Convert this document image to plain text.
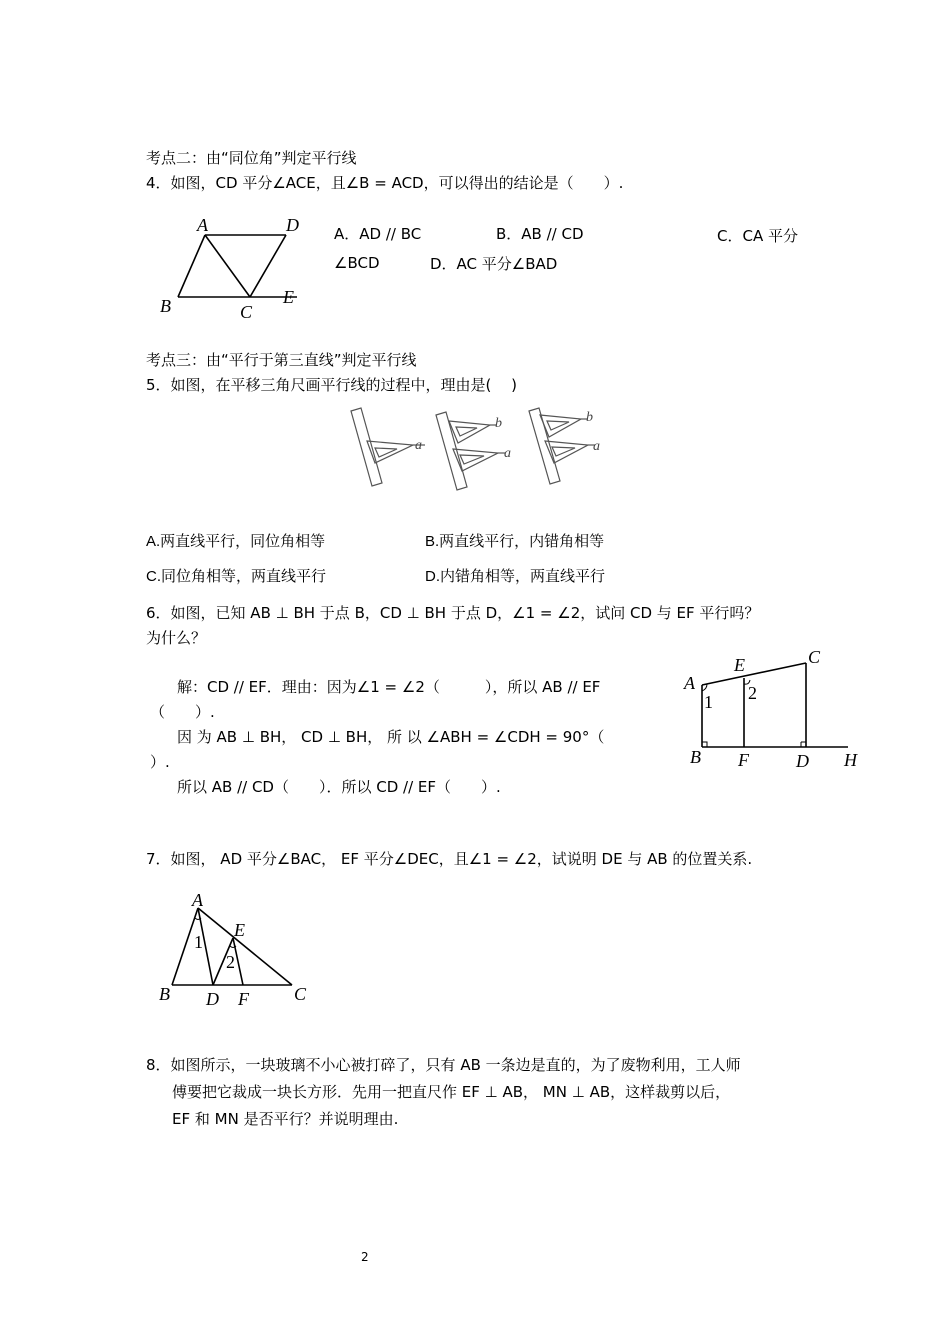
考点二：由“同位角”判定平行线
4．如图，CD 平分∠ACE，且∠B = ACD，可以得出的结论是（　　）.
A	D
B	C
E
A．AD // BC	B．AB // CD	C．CA 平分
∠BCD	D．AC 平分∠BAD
考点三：由“平行于第三直线”判定平行线
5．如图，在平移三角尺画平行线的过程中，理由是(　 )
a
b
a
b
a
A.两直线平行，同位角相等	B.两直线平行，内错角相等
C.同位角相等，两直线平行	D.内错角相等，两直线平行
6．如图，已知 AB ⊥ BH 于点 B，CD ⊥ BH 于点 D，∠1 = ∠2，试问 CD 与 EF 平行吗？
为什么？
解：CD // EF．理由：因为∠1 = ∠2（　　　），所以 AB // EF
（　　）.
因 为 AB ⊥ BH， CD ⊥ BH， 所 以 ∠ABH = ∠CDH = 90°（
）.
所以 AB // CD（　　）．所以 CD // EF（　　）.
A
E	C
1 2
B F	D H
7．如图， AD 平分∠BAC， EF 平分∠DEC，且∠1 = ∠2，试说明 DE 与 AB 的位置关系.
A
E
1
2
B D F	C
8．如图所示，一块玻璃不小心被打碎了，只有 AB 一条边是直的，为了废物利用，工人师
傅要把它裁成一块长方形．先用一把直尺作 EF ⊥ AB， MN ⊥ AB，这样裁剪以后，
EF 和 MN 是否平行？并说明理由.
2
